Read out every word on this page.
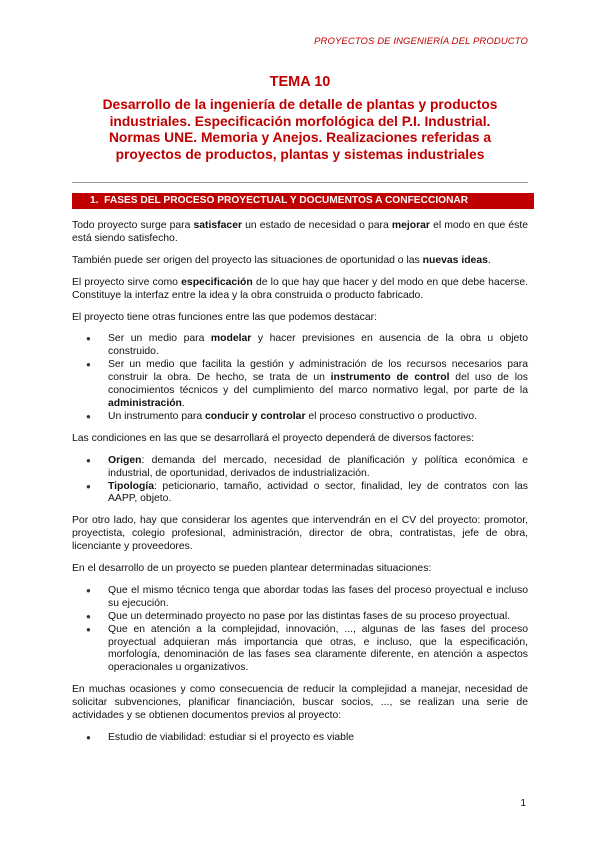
PROYECTOS DE INGENIERÍA DEL PRODUCTO
TEMA 10
Desarrollo de la ingeniería de detalle de plantas y productos industriales. Especificación morfológica del P.I. Industrial. Normas UNE. Memoria y Anejos. Realizaciones referidas a proyectos de productos, plantas y sistemas industriales
1. FASES DEL PROCESO PROYECTUAL Y DOCUMENTOS A CONFECCIONAR

Todo proyecto surge para satisfacer un estado de necesidad o para mejorar el modo en que éste está siendo satisfecho.

También puede ser origen del proyecto las situaciones de oportunidad o las nuevas ideas.

El proyecto sirve como especificación de lo que hay que hacer y del modo en que debe hacerse. Constituye la interfaz entre la idea y la obra construida o producto fabricado.

El proyecto tiene otras funciones entre las que podemos destacar:

● Ser un medio para modelar y hacer previsiones en ausencia de la obra u objeto construido.
● Ser un medio que facilita la gestión y administración de los recursos necesarios para construir la obra. De hecho, se trata de un instrumento de control del uso de los conocimientos técnicos y del cumplimiento del marco normativo legal, por parte de la administración.
● Un instrumento para conducir y controlar el proceso constructivo o productivo.

Las condiciones en las que se desarrollará el proyecto dependerá de diversos factores:

● Origen: demanda del mercado, necesidad de planificación y política económica e industrial, de oportunidad, derivados de industrialización.
● Tipología: peticionario, tamaño, actividad o sector, finalidad, ley de contratos con las AAPP, objeto.

Por otro lado, hay que considerar los agentes que intervendrán en el CV del proyecto: promotor, proyectista, colegio profesional, administración, director de obra, contratistas, jefe de obra, licenciante y proveedores.

En el desarrollo de un proyecto se pueden plantear determinadas situaciones:

● Que el mismo técnico tenga que abordar todas las fases del proceso proyectual e incluso su ejecución.
● Que un determinado proyecto no pase por las distintas fases de su proceso proyectual.
● Que en atención a la complejidad, innovación, ..., algunas de las fases del proceso proyectual adquieran más importancia que otras, e incluso, que la especificación, morfología, denominación de las fases sea claramente diferente, en atención a aspectos operacionales u organizativos.

En muchas ocasiones y como consecuencia de reducir la complejidad a manejar, necesidad de solicitar subvenciones, planificar financiación, buscar socios, ..., se realizan una serie de actividades y se obtienen documentos previos al proyecto:

● Estudio de viabilidad: estudiar si el proyecto es viable
1
